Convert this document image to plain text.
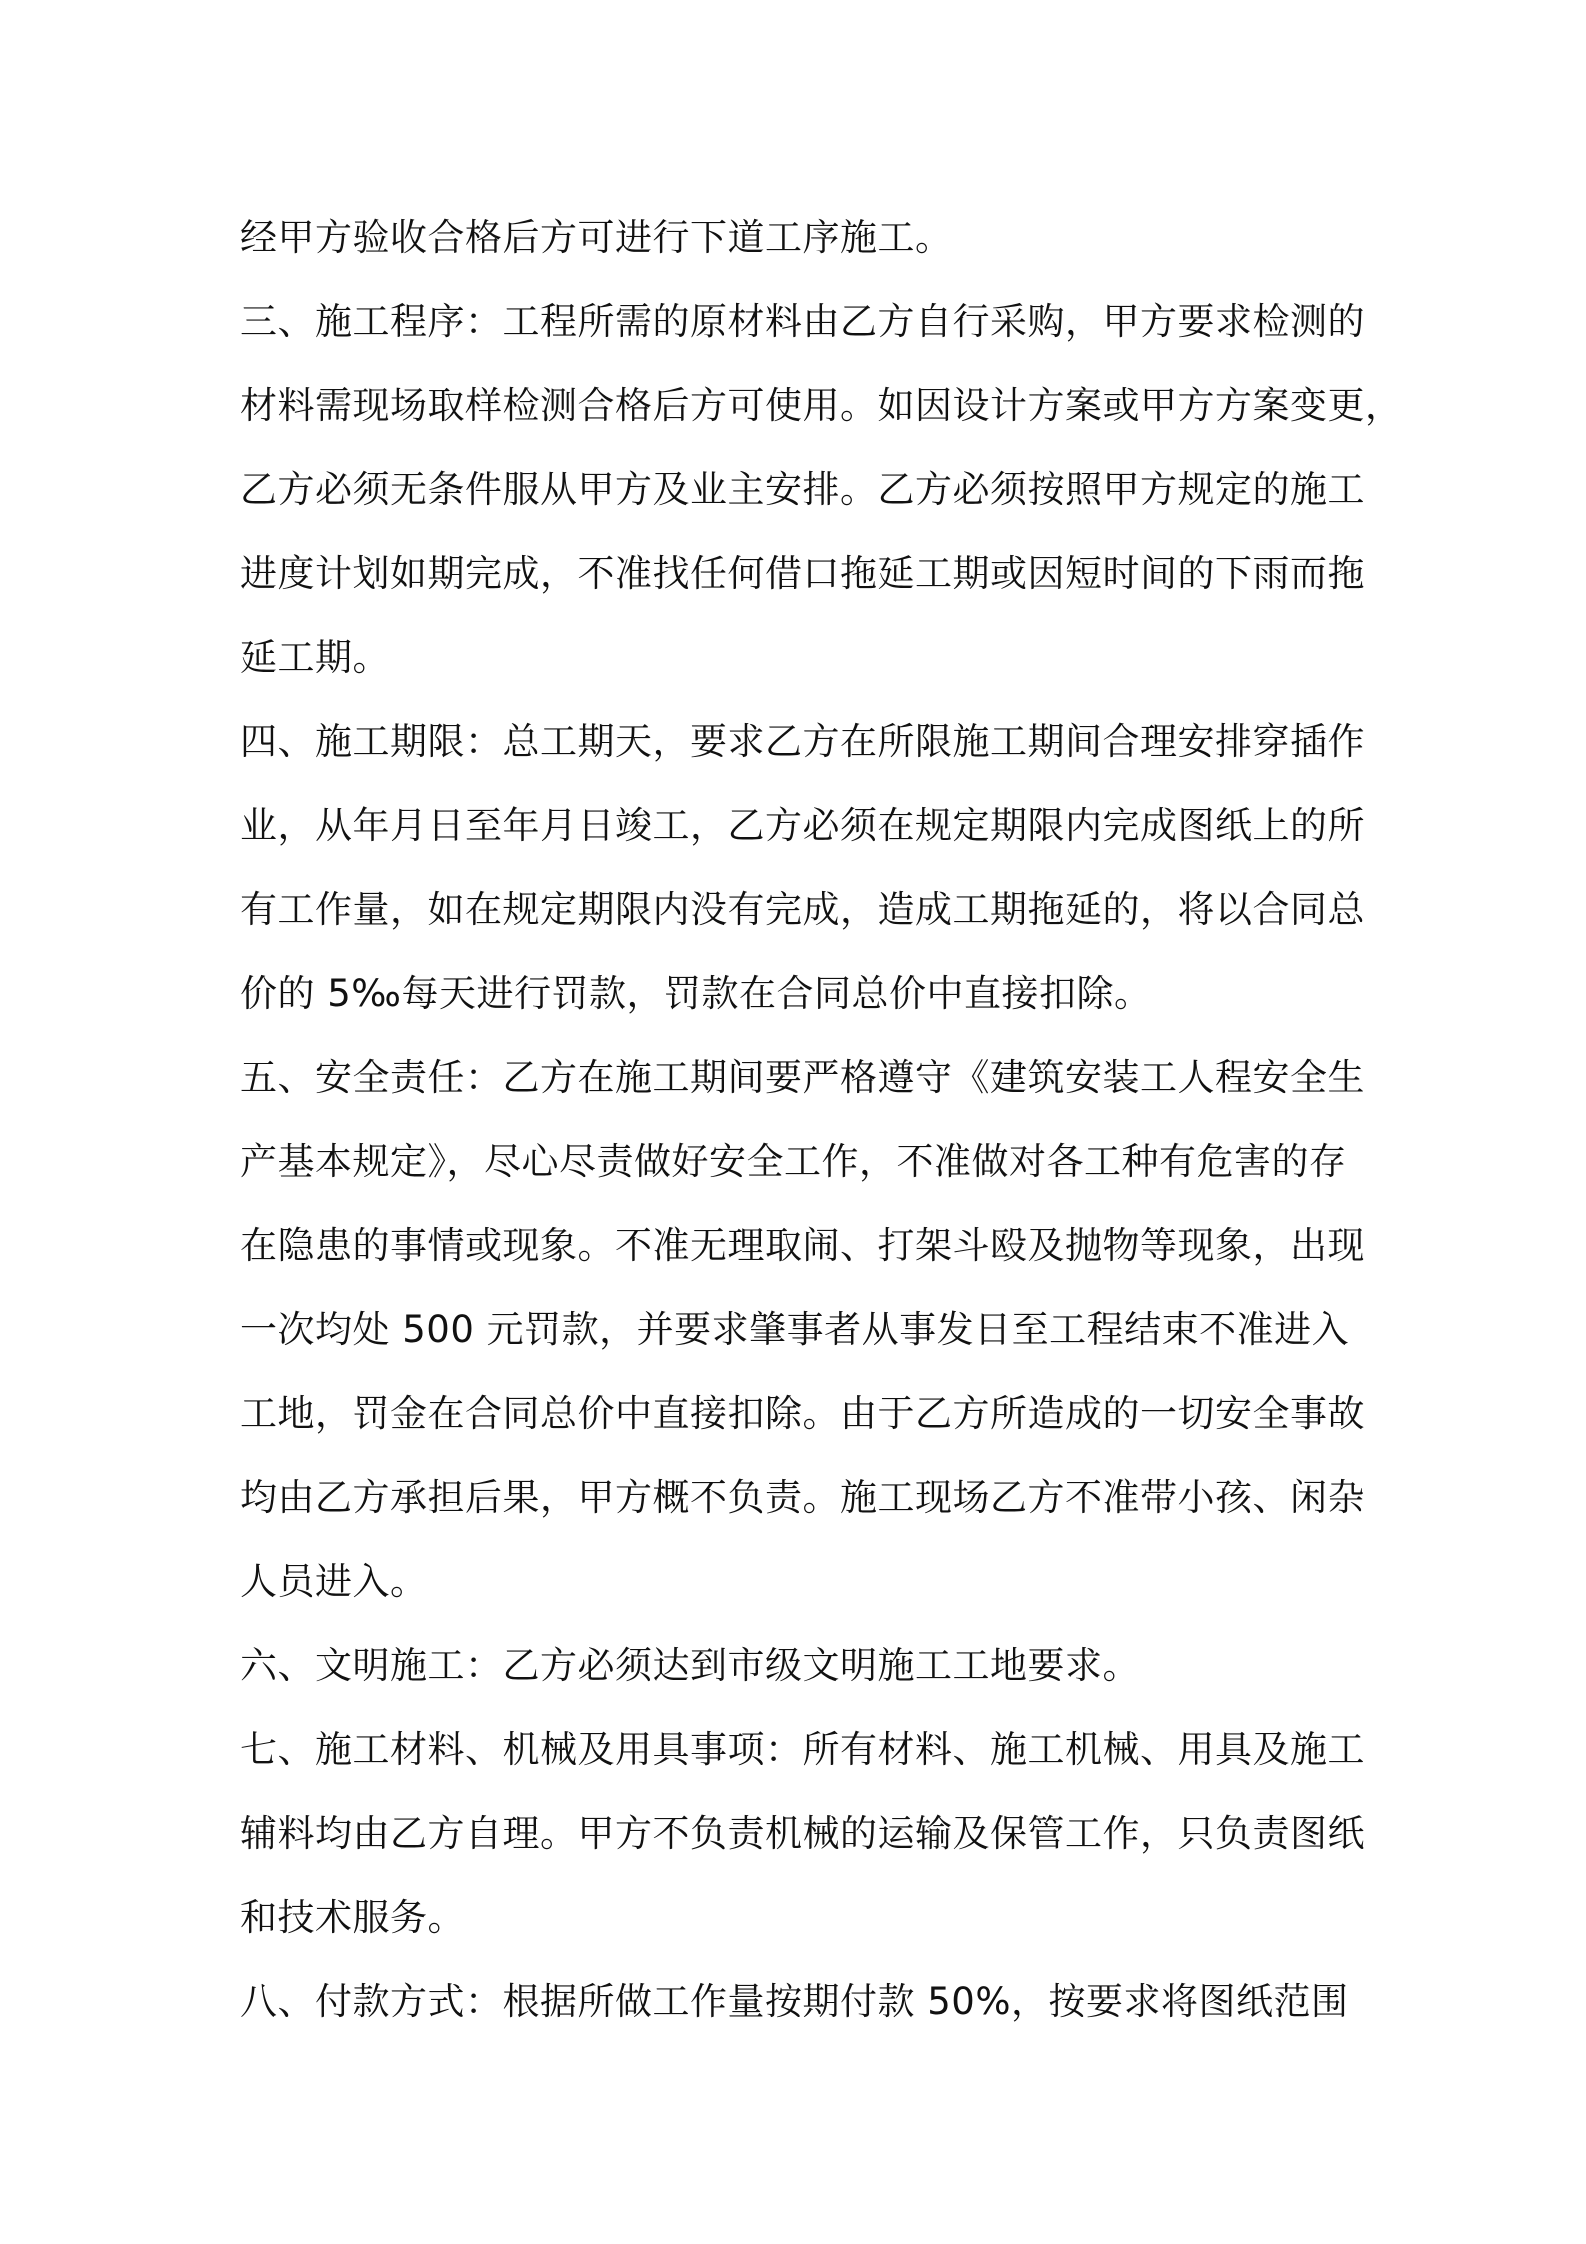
经甲方验收合格后方可进行下道工序施工。
三、施工程序：工程所需的原材料由乙方自行采购，甲方要求检测的
材料需现场取样检测合格后方可使用。如因设计方案或甲方方案变更，
乙方必须无条件服从甲方及业主安排。乙方必须按照甲方规定的施工
进度计划如期完成，不准找任何借口拖延工期或因短时间的下雨而拖
延工期。
四、施工期限：总工期天，要求乙方在所限施工期间合理安排穿插作
业，从年月日至年月日竣工，乙方必须在规定期限内完成图纸上的所
有工作量，如在规定期限内没有完成，造成工期拖延的，将以合同总
价的 5‰每天进行罚款，罚款在合同总价中直接扣除。
五、安全责任：乙方在施工期间要严格遵守《建筑安装工人程安全生
产基本规定》，尽心尽责做好安全工作，不准做对各工种有危害的存
在隐患的事情或现象。不准无理取闹、打架斗殴及抛物等现象，出现
一次均处 500 元罚款，并要求肇事者从事发日至工程结束不准进入
工地，罚金在合同总价中直接扣除。由于乙方所造成的一切安全事故
均由乙方承担后果，甲方概不负责。施工现场乙方不准带小孩、闲杂
人员进入。
六、文明施工：乙方必须达到市级文明施工工地要求。
七、施工材料、机械及用具事项：所有材料、施工机械、用具及施工
辅料均由乙方自理。甲方不负责机械的运输及保管工作，只负责图纸
和技术服务。
八、付款方式：根据所做工作量按期付款 50%，按要求将图纸范围
